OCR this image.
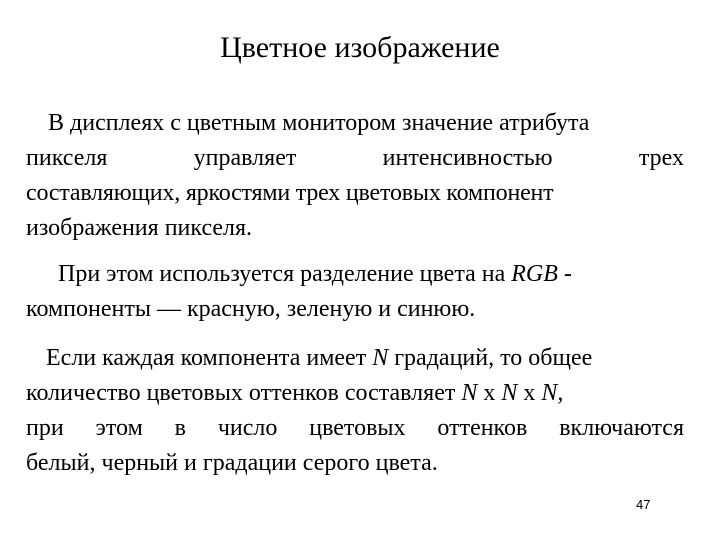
Цветное изображение
В дисплеях с цветным монитором значение атрибута
пикселя управляет интенсивностью трех
составляющих, яркостями трех цветовых компонент
изображения пикселя.
При этом используется разделение цвета на RGB -
компоненты — красную, зеленую и синюю.
Если каждая компонента имеет N градаций, то общее
количество цветовых оттенков составляет N х N х N,
при этом в число цветовых оттенков включаются
белый, черный и градации серого цвета.
47
